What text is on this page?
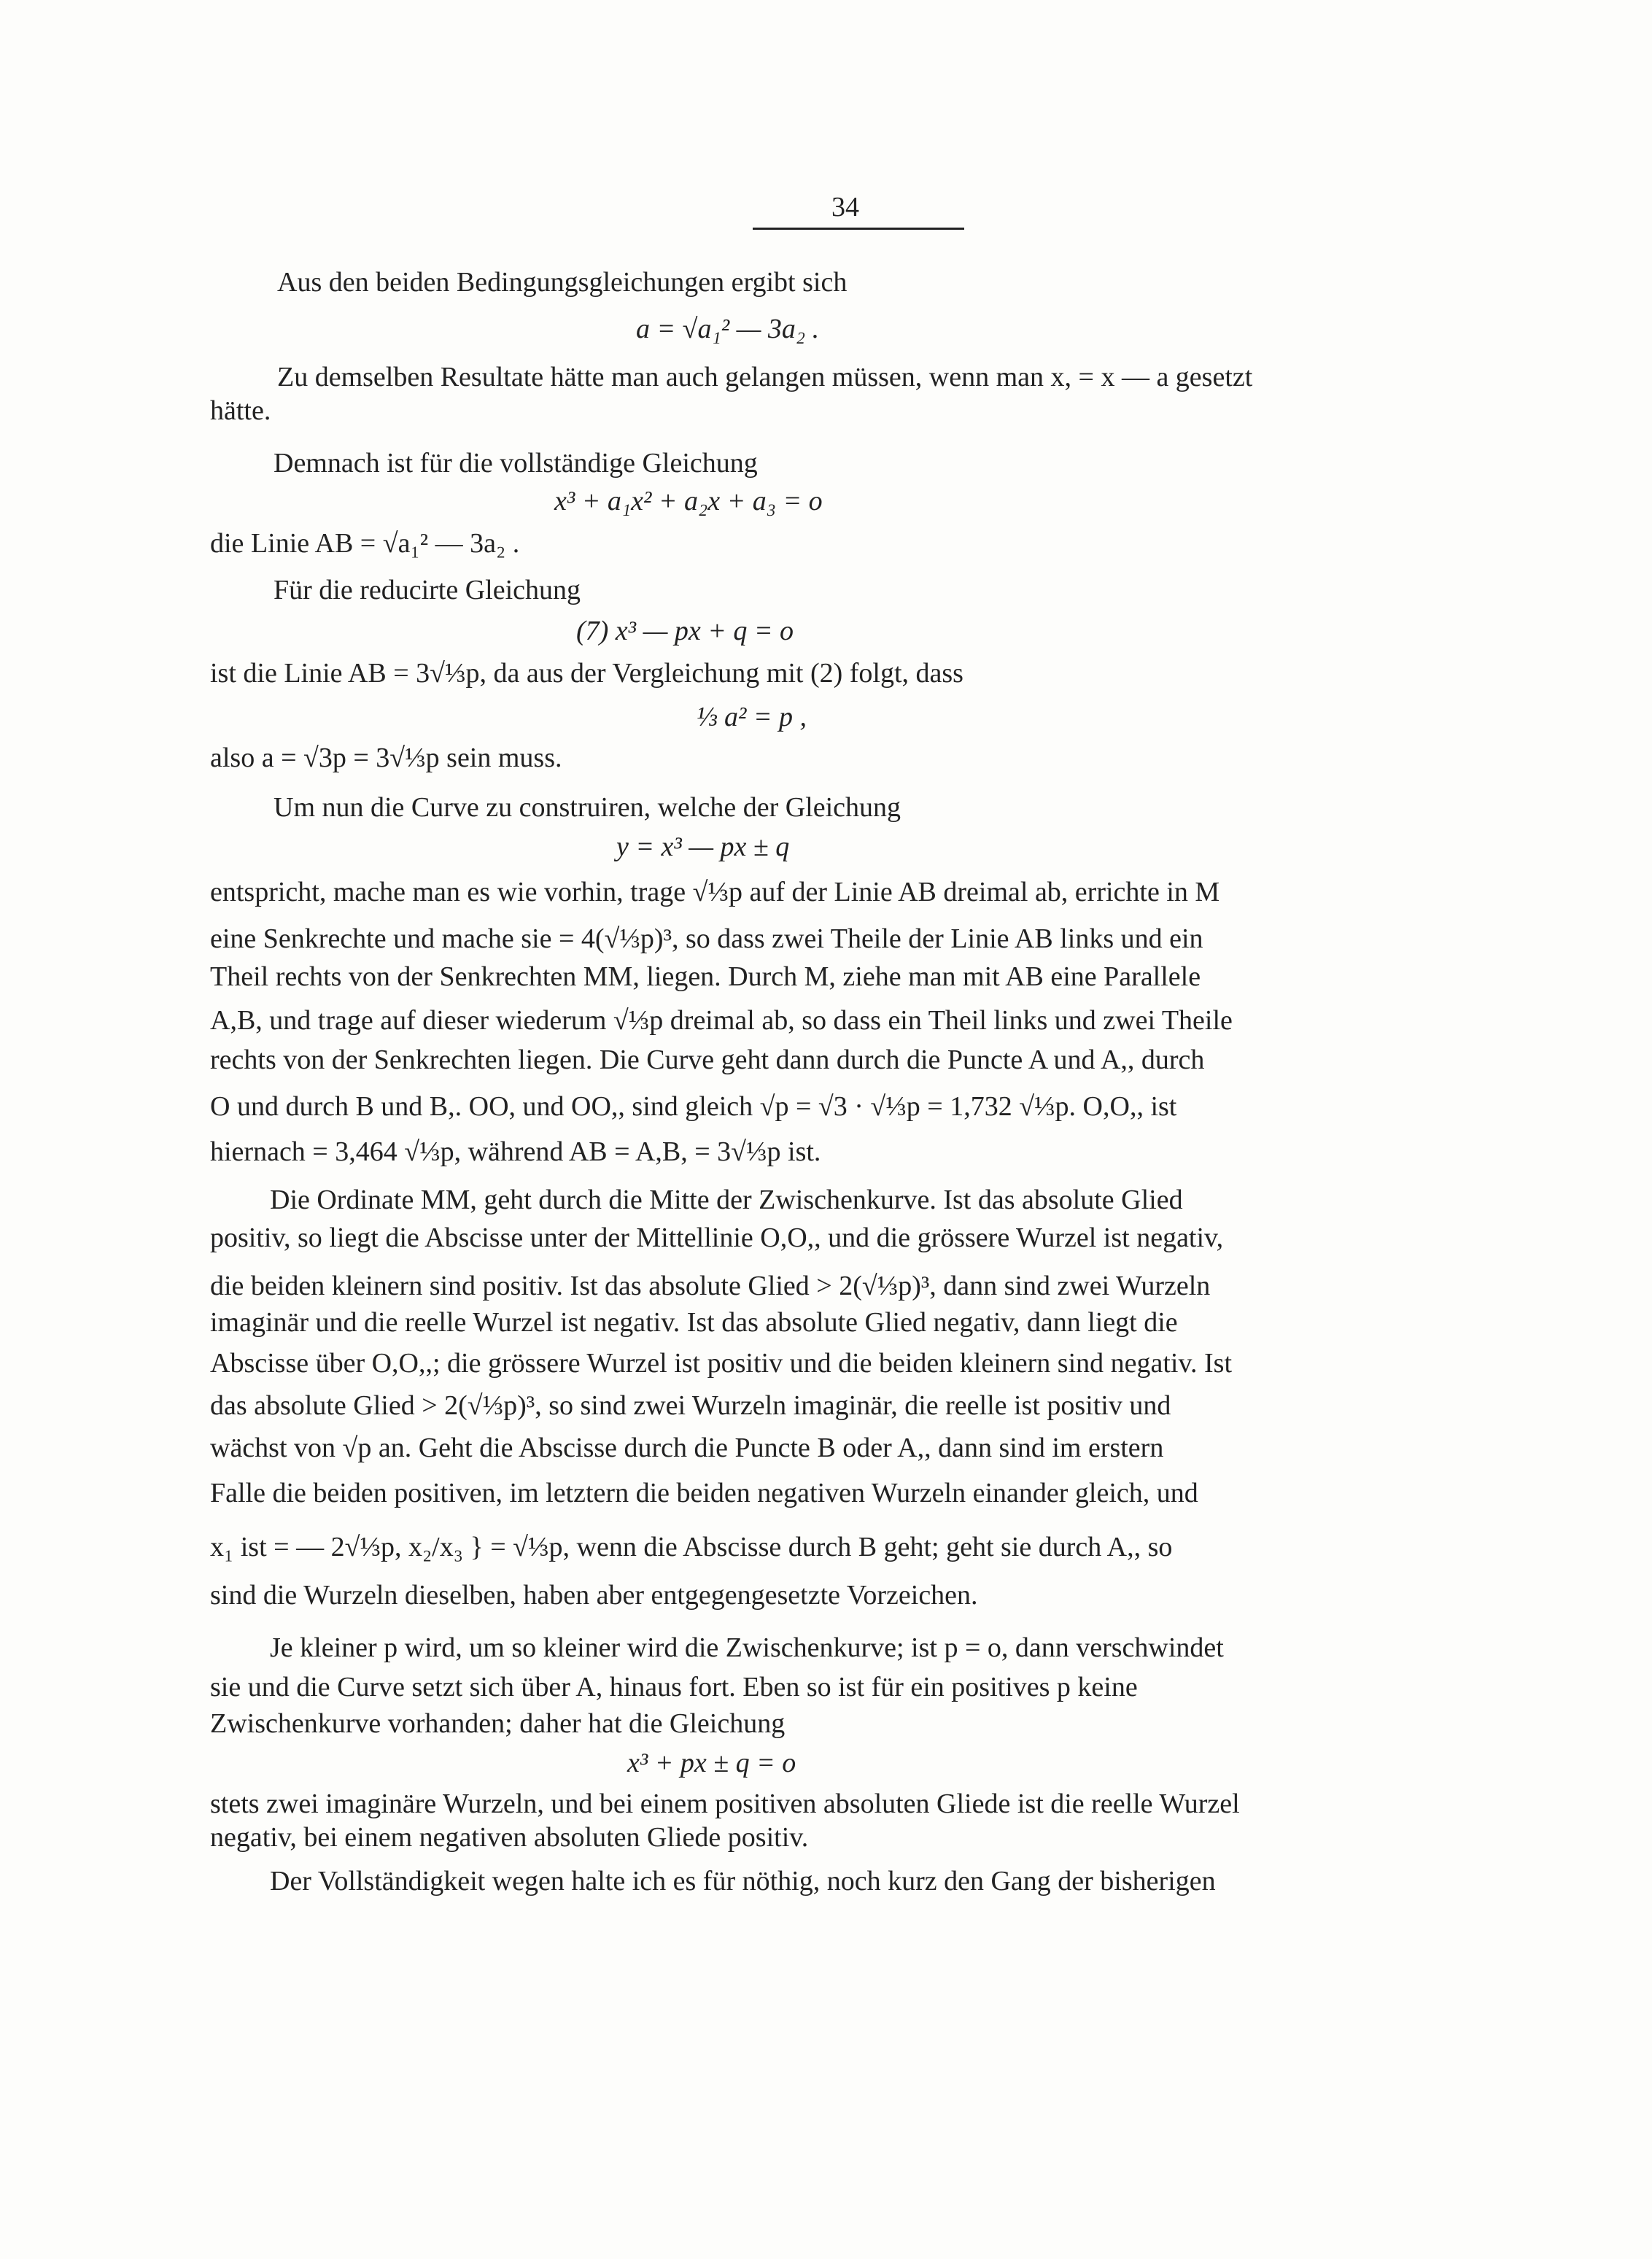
34
Aus den beiden Bedingungsgleichungen ergibt sich
a = √a₁² — 3a₂ .
Zu demselben Resultate hätte man auch gelangen müssen, wenn man x, = x — a gesetzt
hätte.
Demnach ist für die vollständige Gleichung
x³ + a₁x² + a₂x + a₃ = o
die Linie AB = √a₁² — 3a₂ .
Für die reducirte Gleichung
(7) x³ — px + q = o
ist die Linie AB = 3√⅓p, da aus der Vergleichung mit (2) folgt, dass
⅓ a² = p ,
also a = √3p = 3√⅓p sein muss.
Um nun die Curve zu construiren, welche der Gleichung
y = x³ — px ± q
entspricht, mache man es wie vorhin, trage √⅓p auf der Linie AB dreimal ab, errichte in M
eine Senkrechte und mache sie = 4(√⅓p)³, so dass zwei Theile der Linie AB links und ein
Theil rechts von der Senkrechten MM, liegen. Durch M, ziehe man mit AB eine Parallele
A,B, und trage auf dieser wiederum √⅓p dreimal ab, so dass ein Theil links und zwei Theile
rechts von der Senkrechten liegen. Die Curve geht dann durch die Puncte A und A,, durch
O und durch B und B,. OO, und OO,, sind gleich √p = √3 · √⅓p = 1,732 √⅓p. O,O,, ist
hiernach = 3,464 √⅓p, während AB = A,B, = 3√⅓p ist.
Die Ordinate MM, geht durch die Mitte der Zwischenkurve. Ist das absolute Glied
positiv, so liegt die Abscisse unter der Mittellinie O,O,, und die grössere Wurzel ist negativ,
die beiden kleinern sind positiv. Ist das absolute Glied > 2(√⅓p)³, dann sind zwei Wurzeln
imaginär und die reelle Wurzel ist negativ. Ist das absolute Glied negativ, dann liegt die
Abscisse über O,O,,; die grössere Wurzel ist positiv und die beiden kleinern sind negativ. Ist
das absolute Glied > 2(√⅓p)³, so sind zwei Wurzeln imaginär, die reelle ist positiv und
wächst von √p an. Geht die Abscisse durch die Puncte B oder A,, dann sind im erstern
Falle die beiden positiven, im letztern die beiden negativen Wurzeln einander gleich, und
x₁ ist = — 2√⅓p, x₂/x₃ } = √⅓p, wenn die Abscisse durch B geht; geht sie durch A,, so
sind die Wurzeln dieselben, haben aber entgegengesetzte Vorzeichen.
Je kleiner p wird, um so kleiner wird die Zwischenkurve; ist p = o, dann verschwindet
sie und die Curve setzt sich über A, hinaus fort. Eben so ist für ein positives p keine
Zwischenkurve vorhanden; daher hat die Gleichung
x³ + px ± q = o
stets zwei imaginäre Wurzeln, und bei einem positiven absoluten Gliede ist die reelle Wurzel
negativ, bei einem negativen absoluten Gliede positiv.
Der Vollständigkeit wegen halte ich es für nöthig, noch kurz den Gang der bisherigen
